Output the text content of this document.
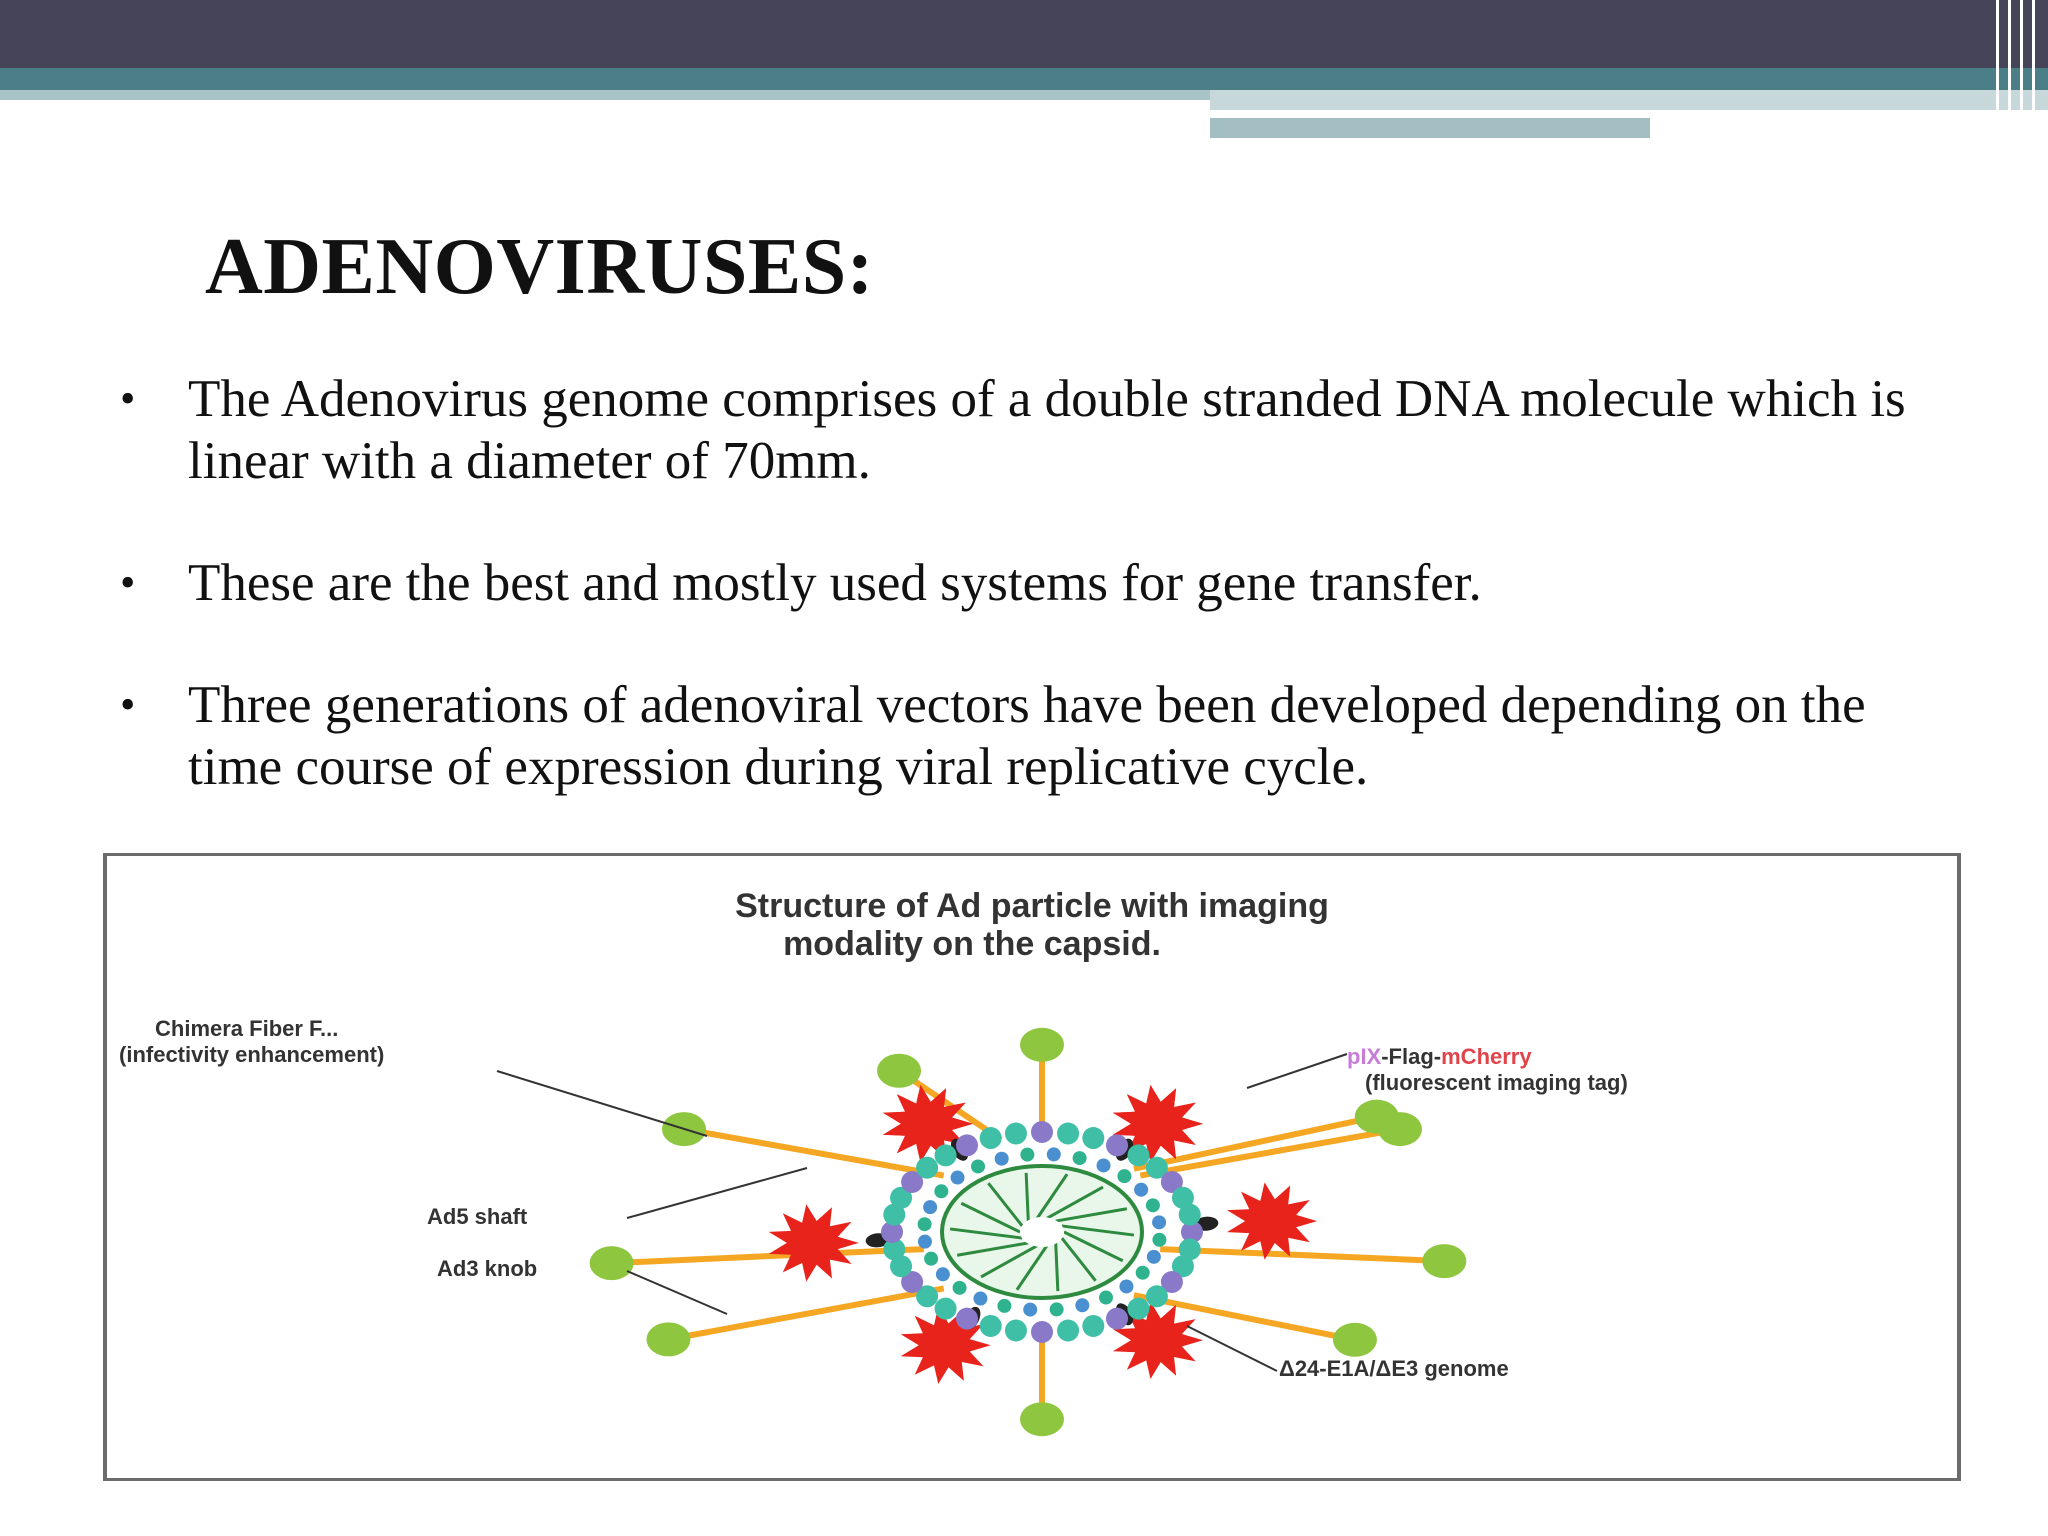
ADENOVIRUSES:
• The Adenovirus genome comprises of a double stranded DNA molecule which is linear with a diameter of 70mm.
• These are the best and mostly used systems for gene transfer.
• Three generations of adenoviral vectors have been developed depending on the time course of expression during viral replicative cycle.
Structure of Ad particle with imaging
modality on the capsid.
Chimera Fiber F...
(infectivity enhancement)	pIX-Flag-mCherry
(fluorescent imaging tag)
Ad5 shaft
Ad3 knob
Δ24-E1A/ΔE3 genome
